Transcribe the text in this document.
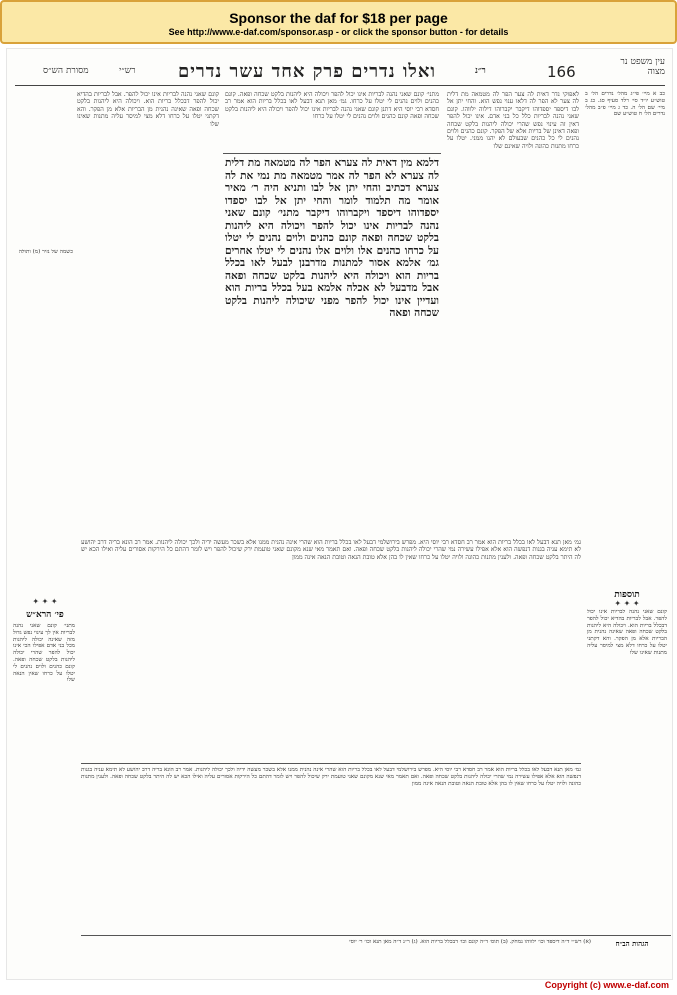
Sponsor the daf for $18 per page
See http://www.e-daf.com/sponsor.asp - or click the sponsor button - for details
מסורת הש״ס	רש״י	ואלו נדרים פרק אחד עשר נדרים	ר״נ	166
עין משפט נר מצוה
כב א מיי׳ פי״ג מהל׳ נדרים הל׳ ב טוש״ע יו״ד סי׳ רלד סעיף סג. כג ב מיי׳ שם הל׳ ה. כד ג מיי׳ פ״ב מהל׳ נדרים הל׳ ח טוש״ע שם
לאפוקי נדר דאית לה צער הפר לה מטמאה מת דלית לה צער לא הפר לה דלאו ענוי נפש הוא. והחי יתן אל לבו דיספד יספדוהו דיקבר יקברוהו דילוה ילווהו. קונם שאני נהנה לבריות כלל כל בני אדם. אינו יכול להפר דאין זה עינוי נפש שהרי יכולה ליהנות בלקט שכחה ופאה דאינן של בריות אלא של הפקר. קונם כהנים ולוים נהנים לי כל כהנים שבעולם לא יהנו ממני. יטלו על כרחו מתנות כהונה ולויה שאינם שלו
דלמא מין דאית לה צערא הפר לה מטמאה מת דלית לה צערא לא הפר לה אמר מטמאה מת נמי את לה צערא דכתיב והחי יתן אל לבו ותניא היה ר׳ מאיר אומר מה תלמוד לומר והחי יתן אל לבו יספדו יספדוהו דיספד ויקברוהו דיקבר מתני׳ קונם שאני נהנה לבריות אינו יכול להפר ויכולה היא ליהנות בלקט שכחה ופאה קונם כהנים ולוים נהנים לי יטלו על כרחו כהנים אלו ולוים אלו נהנים לי יטלו אחרים גמ׳ אלמא אסור למתנות מדרבנן לבעל לאו בכלל בריות הוא ויכולה היא ליהנות בלקט שכחה ופאה אבל מדבעל לא אכלה אלמא בעל בכלל בריות הוא ועדיין אינו יכול להפר מפני שיכולה ליהנות בלקט שכחה ופאה
מתני׳ קונם שאני נהנה לבריות אינו יכול להפר ויכולה היא ליהנות בלקט שכחה ופאה. קונם כהנים ולוים נהנים לי יטלו על כרחו. גמ׳ מאן תנא דבעל לאו בכלל בריות הוא אמר רב חסדא רבי יוסי היא דתנן קונם שאני נהנה לבריות אינו יכול להפר ויכולה היא ליהנות בלקט שכחה ופאה קונם כהנים ולוים נהנים לי יטלו על כרחו
קונם שאני נהנה לבריות אינו יכול להפר. אבל לבריות בהדיא יכול להפר דבכלל בריות הוא. ויכולה היא ליהנות בלקט שכחה ופאה שאינה נהנית מן הבריות אלא מן הפקר. והא דקתני יטלו על כרחו דלא מצי למיסר עליה מתנות שאינו שלו
כשמה של נזיר (מ) ותולה
תוספות
✦ ✦ ✦
קונם שאני נהנה לבריות אינו יכול להפר. אבל לבריות בהדיא יכול להפר דבכלל בריות הוא. ויכולה היא ליהנות בלקט שכחה ופאה שאינה נהנית מן הבריות אלא מן הפקר. והא דקתני יטלו על כרחו דלא מצי למיסר עליה מתנות שאינו שלו
✦ ✦ ✦
פי׳ הרא״ש
מתני׳ קונם שאני נהנה לבריות אין לך עינוי נפש גדול מזה שאינה יכולה ליהנות מכל בני אדם אפילו הכי אינו יכול להפר שהרי יכולה ליהנות בלקט שכחה ופאה. קונם כהנים ולוים נהנים לי יטלו על כרחו שאין הנאה שלו
גמ׳ מאן תנא דבעל לאו בכלל בריות הוא אמר רב חסדא רבי יוסי היא. מפרש בירושלמי דבעל לאו בכלל בריות הוא שהרי אינה נהנית ממנו אלא בשכר מעשה ידיה ולכך יכולה ליהנות. אמר רב הונא בריה דרב יהושע לא תימא עניה בגנות דנפשה הוא אלא אפילו עשירה נמי שהרי יכולה ליהנות בלקט שכחה ופאה. ואם תאמר מאי שנא מקונם שאני טועמת ירק שיכול להפר ויש לומר דהתם כל הירקות אסורים עליה ואילו הכא יש לה היתר בלקט שכחה ופאה. ולענין מתנות כהונה ולויה יטלו על כרחו שאין לו בהן אלא טובת הנאה וטובת הנאה אינה ממון
גמ׳ מאן תנא דבעל לאו בכלל בריות הוא אמר רב חסדא רבי יוסי היא. מפרש בירושלמי דבעל לאו בכלל בריות הוא שהרי אינה נהנית ממנו אלא בשכר מעשה ידיה ולכך יכולה ליהנות. אמר רב הונא בריה דרב יהושע לא תימא עניה בגנות דנפשה הוא אלא אפילו עשירה נמי שהרי יכולה ליהנות בלקט שכחה ופאה. ואם תאמר מאי שנא מקונם שאני טועמת ירק שיכול להפר ויש לומר דהתם כל הירקות אסורים עליה ואילו הכא יש לה היתר בלקט שכחה ופאה. ולענין מתנות כהונה ולויה יטלו על כרחו שאין לו בהן אלא טובת הנאה וטובת הנאה אינה ממון
הגהות הב״ח
(א) רש״י ד״ה דיספד וכו׳ ילווהו נמחק. (ב) תוס׳ ד״ה קונם וכו׳ דבכלל בריות הוא. (ג) ר״נ ד״ה מאן תנא וכו׳ ר׳ יוסי
Copyright (c) www.e-daf.com
